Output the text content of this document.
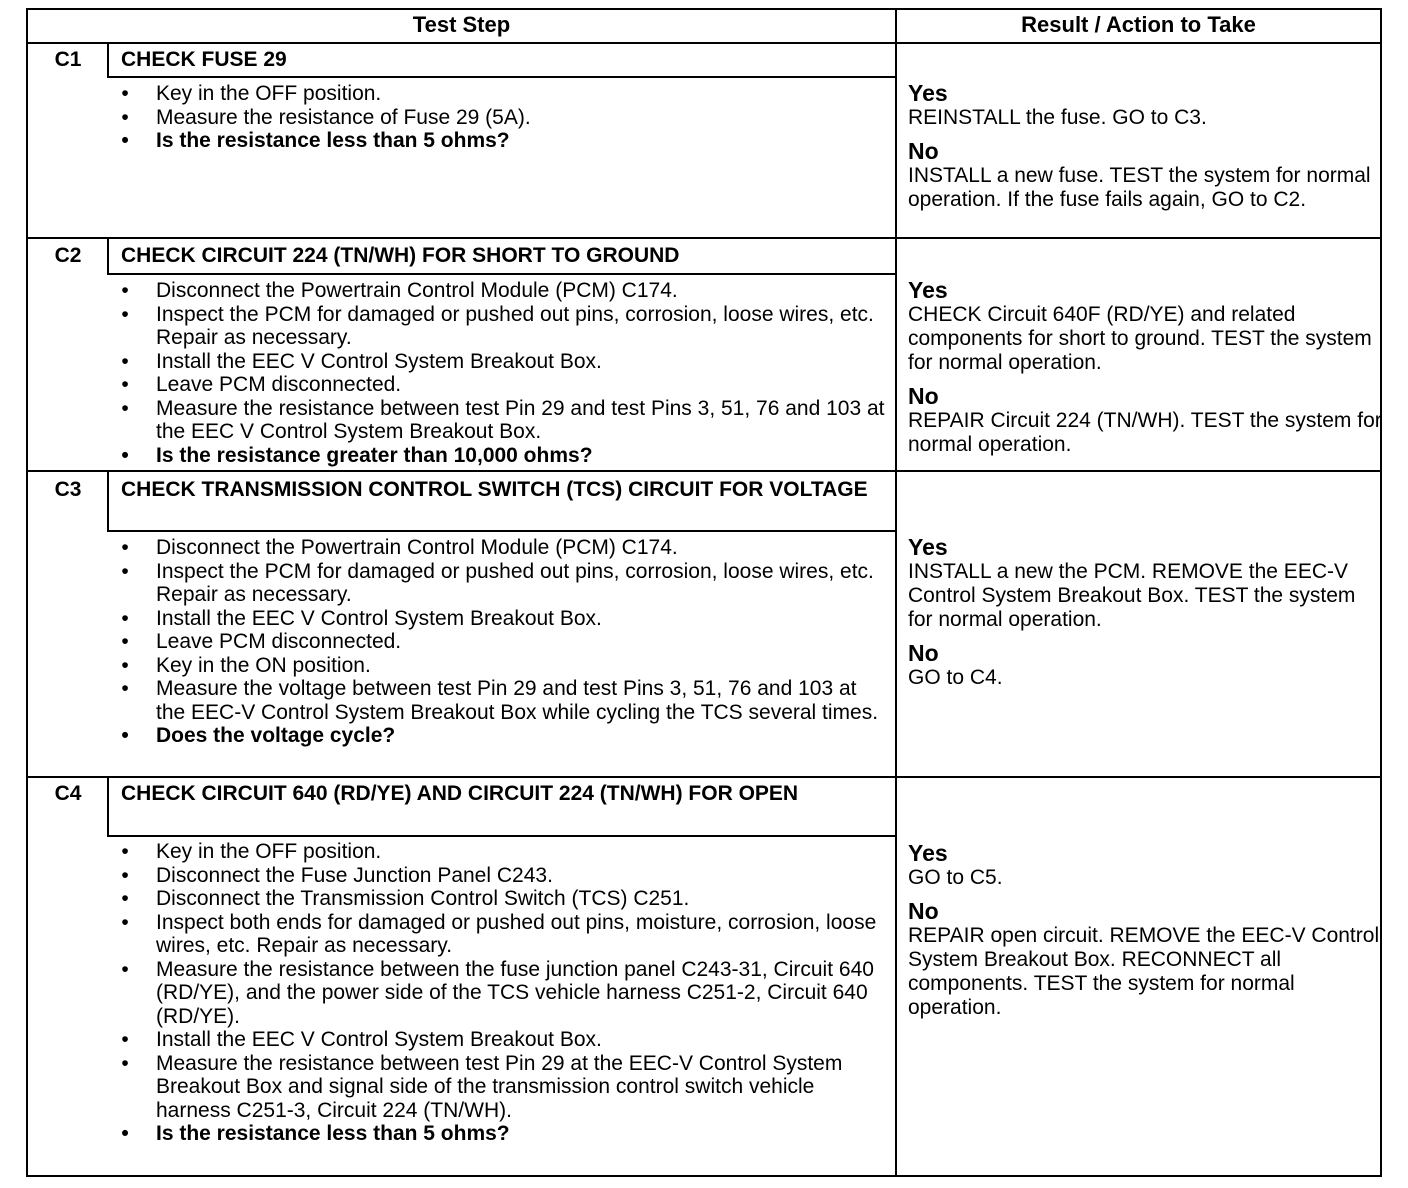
Test Step	Result / Action to Take
C1	CHECK FUSE 29
• Key in the OFF position.
• Measure the resistance of Fuse 29 (5A).
• Is the resistance less than 5 ohms?
Yes
REINSTALL the fuse. GO to C3.
No
INSTALL a new fuse. TEST the system for normal operation. If the fuse fails again, GO to C2.
C2	CHECK CIRCUIT 224 (TN/WH) FOR SHORT TO GROUND
• Disconnect the Powertrain Control Module (PCM) C174.
• Inspect the PCM for damaged or pushed out pins, corrosion, loose wires, etc. Repair as necessary.
• Install the EEC V Control System Breakout Box.
• Leave PCM disconnected.
• Measure the resistance between test Pin 29 and test Pins 3, 51, 76 and 103 at the EEC V Control System Breakout Box.
• Is the resistance greater than 10,000 ohms?
Yes
CHECK Circuit 640F (RD/YE) and related components for short to ground. TEST the system for normal operation.
No
REPAIR Circuit 224 (TN/WH). TEST the system for normal operation.
C3	CHECK TRANSMISSION CONTROL SWITCH (TCS) CIRCUIT FOR VOLTAGE
• Disconnect the Powertrain Control Module (PCM) C174.
• Inspect the PCM for damaged or pushed out pins, corrosion, loose wires, etc. Repair as necessary.
• Install the EEC V Control System Breakout Box.
• Leave PCM disconnected.
• Key in the ON position.
• Measure the voltage between test Pin 29 and test Pins 3, 51, 76 and 103 at the EEC-V Control System Breakout Box while cycling the TCS several times.
• Does the voltage cycle?
Yes
INSTALL a new the PCM. REMOVE the EEC-V Control System Breakout Box. TEST the system for normal operation.
No
GO to C4.
C4	CHECK CIRCUIT 640 (RD/YE) AND CIRCUIT 224 (TN/WH) FOR OPEN
• Key in the OFF position.
• Disconnect the Fuse Junction Panel C243.
• Disconnect the Transmission Control Switch (TCS) C251.
• Inspect both ends for damaged or pushed out pins, moisture, corrosion, loose wires, etc. Repair as necessary.
• Measure the resistance between the fuse junction panel C243-31, Circuit 640 (RD/YE), and the power side of the TCS vehicle harness C251-2, Circuit 640 (RD/YE).
• Install the EEC V Control System Breakout Box.
• Measure the resistance between test Pin 29 at the EEC-V Control System Breakout Box and signal side of the transmission control switch vehicle harness C251-3, Circuit 224 (TN/WH).
• Is the resistance less than 5 ohms?
Yes
GO to C5.
No
REPAIR open circuit. REMOVE the EEC-V Control System Breakout Box. RECONNECT all components. TEST the system for normal operation.
